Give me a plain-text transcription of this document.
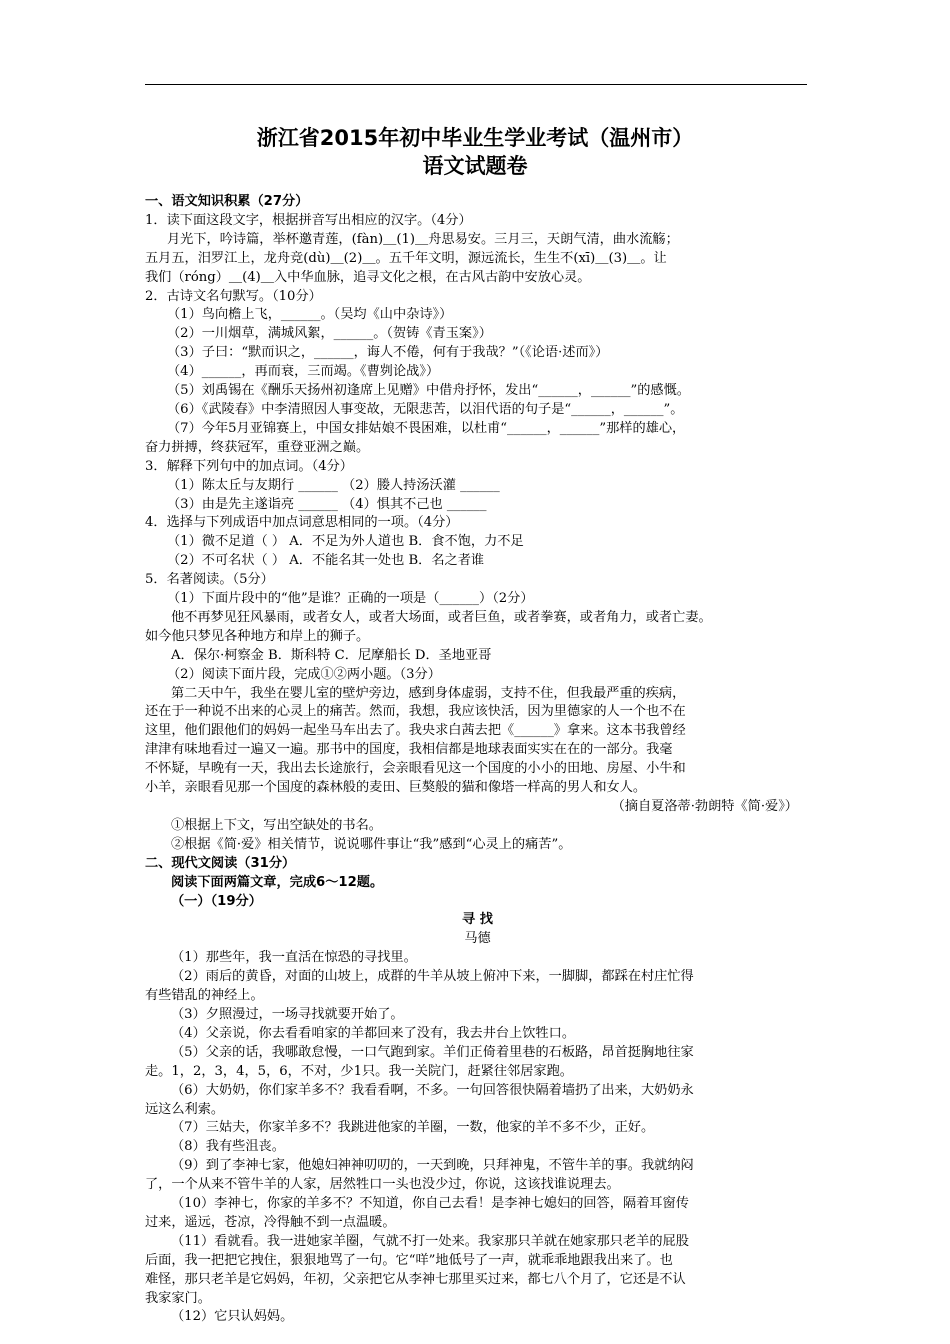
浙江省2015年初中毕业生学业考试（温州市）
语文试题卷
一、语文知识积累（27分）
1．读下面这段文字，根据拼音写出相应的汉字。（4分）
月光下，吟诗篇，举杯邀青莲，(fàn)＿(1)＿舟思易安。三月三，天朗气清，曲水流觞；
五月五，汨罗江上，龙舟竞(dù)＿(2)＿。五千年文明，源远流长，生生不(xī)＿(3)＿。让
我们（róng）＿(4)＿入中华血脉，追寻文化之根，在古风古韵中安放心灵。
2．古诗文名句默写。（10分）
（1）鸟向檐上飞，______。（吴均《山中杂诗》）
（2）一川烟草，满城风絮，______。（贺铸《青玉案》）
（3）子曰：“默而识之，______，诲人不倦，何有于我哉？”（《论语·述而》）
（4）______，再而衰，三而竭。《曹刿论战》）
（5）刘禹锡在《酬乐天扬州初逢席上见赠》中借舟抒怀，发出“______，______”的感慨。
（6）《武陵春》中李清照因人事变故，无限悲苦，以泪代语的句子是“______，______”。
（7）今年5月亚锦赛上，中国女排姑娘不畏困难，以杜甫“______，______”那样的雄心，
奋力拼搏，终获冠军，重登亚洲之巅。
3．解释下列句中的加点词。（4分）
（1）陈太丘与友期行 ______ （2）媵人持汤沃灌 ______
（3）由是先主遂诣亮 ______ （4）惧其不己也 ______
4．选择与下列成语中加点词意思相同的一项。（4分）
（1）微不足道（ ） A．不足为外人道也 B．食不饱，力不足
（2）不可名状（ ） A．不能名其一处也 B．名之者谁
5．名著阅读。（5分）
（1）下面片段中的“他”是谁？正确的一项是（______）（2分）
他不再梦见狂风暴雨，或者女人，或者大场面，或者巨鱼，或者拳赛，或者角力，或者亡妻。
如今他只梦见各种地方和岸上的狮子。
A．保尔·柯察金 B．斯科特 C．尼摩船长 D．圣地亚哥
（2）阅读下面片段，完成①②两小题。（3分）
第二天中午，我坐在婴儿室的壁炉旁边，感到身体虚弱，支持不住，但我最严重的疾病，
还在于一种说不出来的心灵上的痛苦。然而，我想，我应该快活，因为里德家的人一个也不在
这里，他们跟他们的妈妈一起坐马车出去了。我央求白茜去把《______》拿来。这本书我曾经
津津有味地看过一遍又一遍。那书中的国度，我相信都是地球表面实实在在的一部分。我毫
不怀疑，早晚有一天，我出去长途旅行，会亲眼看见这一个国度的小小的田地、房屋、小牛和
小羊，亲眼看见那一个国度的森林般的麦田、巨獒般的猫和像塔一样高的男人和女人。
（摘自夏洛蒂·勃朗特《简·爱》）
①根据上下文，写出空缺处的书名。
②根据《简·爱》相关情节，说说哪件事让“我”感到“心灵上的痛苦”。
二、现代文阅读（31分）
阅读下面两篇文章，完成6～12题。
（一）（19分）
寻 找
马德
（1）那些年，我一直活在惊恐的寻找里。
（2）雨后的黄昏，对面的山坡上，成群的牛羊从坡上俯冲下来，一脚脚，都踩在村庄忙得
有些错乱的神经上。
（3）夕照漫过，一场寻找就要开始了。
（4）父亲说，你去看看咱家的羊都回来了没有，我去井台上饮牲口。
（5）父亲的话，我哪敢怠慢，一口气跑到家。羊们正倚着里巷的石板路，昂首挺胸地往家
走。1，2，3，4，5，6，不对，少1只。我一关院门，赶紧往邻居家跑。
（6）大奶奶，你们家羊多不？我看看啊，不多。一句回答很快隔着墙扔了出来，大奶奶永
远这么利索。
（7）三姑夫，你家羊多不？我跳进他家的羊圈，一数，他家的羊不多不少，正好。
（8）我有些沮丧。
（9）到了李神七家，他媳妇神神叨叨的，一天到晚，只拜神鬼，不管牛羊的事。我就纳闷
了，一个从来不管牛羊的人家，居然牲口一头也没少过，你说，这该找谁说理去。
（10）李神七，你家的羊多不？不知道，你自己去看！是李神七媳妇的回答，隔着耳窗传
过来，遥远，苍凉，冷得触不到一点温暖。
（11）看就看。我一进她家羊圈，气就不打一处来。我家那只羊就在她家那只老羊的屁股
后面，我一把把它拽住，狠狠地骂了一句。它“咩”地低号了一声，就乖乖地跟我出来了。也
难怪，那只老羊是它妈妈，年初，父亲把它从李神七那里买过来，都七八个月了，它还是不认
我家家门。
（12）它只认妈妈。
